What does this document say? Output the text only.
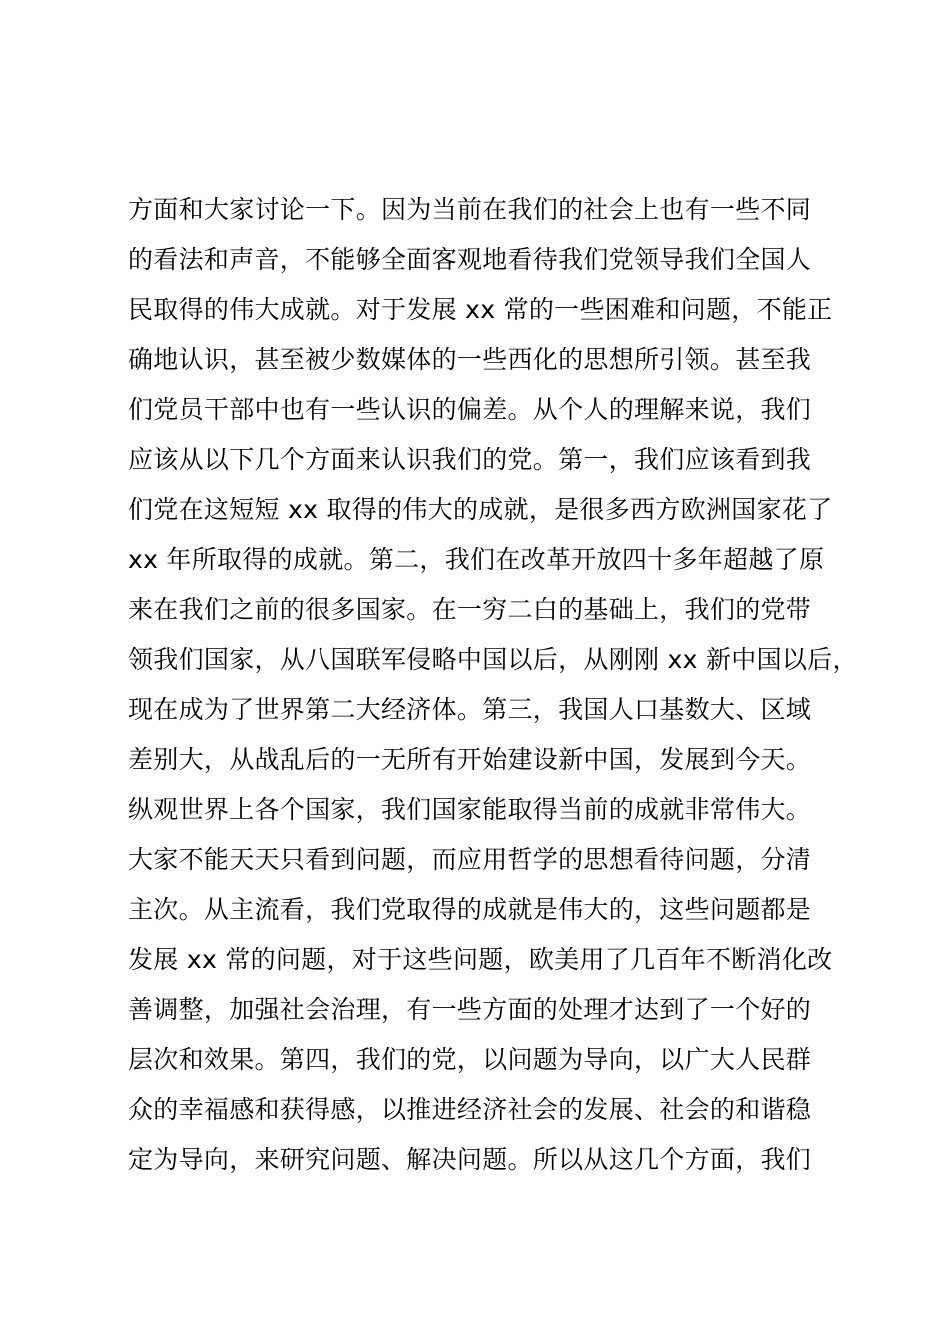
方面和大家讨论一下。因为当前在我们的社会上也有一些不同
的看法和声音，不能够全面客观地看待我们党领导我们全国人
民取得的伟大成就。对于发展 xx 常的一些困难和问题，不能正
确地认识，甚至被少数媒体的一些西化的思想所引领。甚至我
们党员干部中也有一些认识的偏差。从个人的理解来说，我们
应该从以下几个方面来认识我们的党。第一，我们应该看到我
们党在这短短 xx 取得的伟大的成就，是很多西方欧洲国家花了
xx 年所取得的成就。第二，我们在改革开放四十多年超越了原
来在我们之前的很多国家。在一穷二白的基础上，我们的党带
领我们国家，从八国联军侵略中国以后，从刚刚 xx 新中国以后，
现在成为了世界第二大经济体。第三，我国人口基数大、区域
差别大，从战乱后的一无所有开始建设新中国，发展到今天。
纵观世界上各个国家，我们国家能取得当前的成就非常伟大。
大家不能天天只看到问题，而应用哲学的思想看待问题，分清
主次。从主流看，我们党取得的成就是伟大的，这些问题都是
发展 xx 常的问题，对于这些问题，欧美用了几百年不断消化改
善调整，加强社会治理，有一些方面的处理才达到了一个好的
层次和效果。第四，我们的党，以问题为导向，以广大人民群
众的幸福感和获得感，以推进经济社会的发展、社会的和谐稳
定为导向，来研究问题、解决问题。所以从这几个方面，我们
